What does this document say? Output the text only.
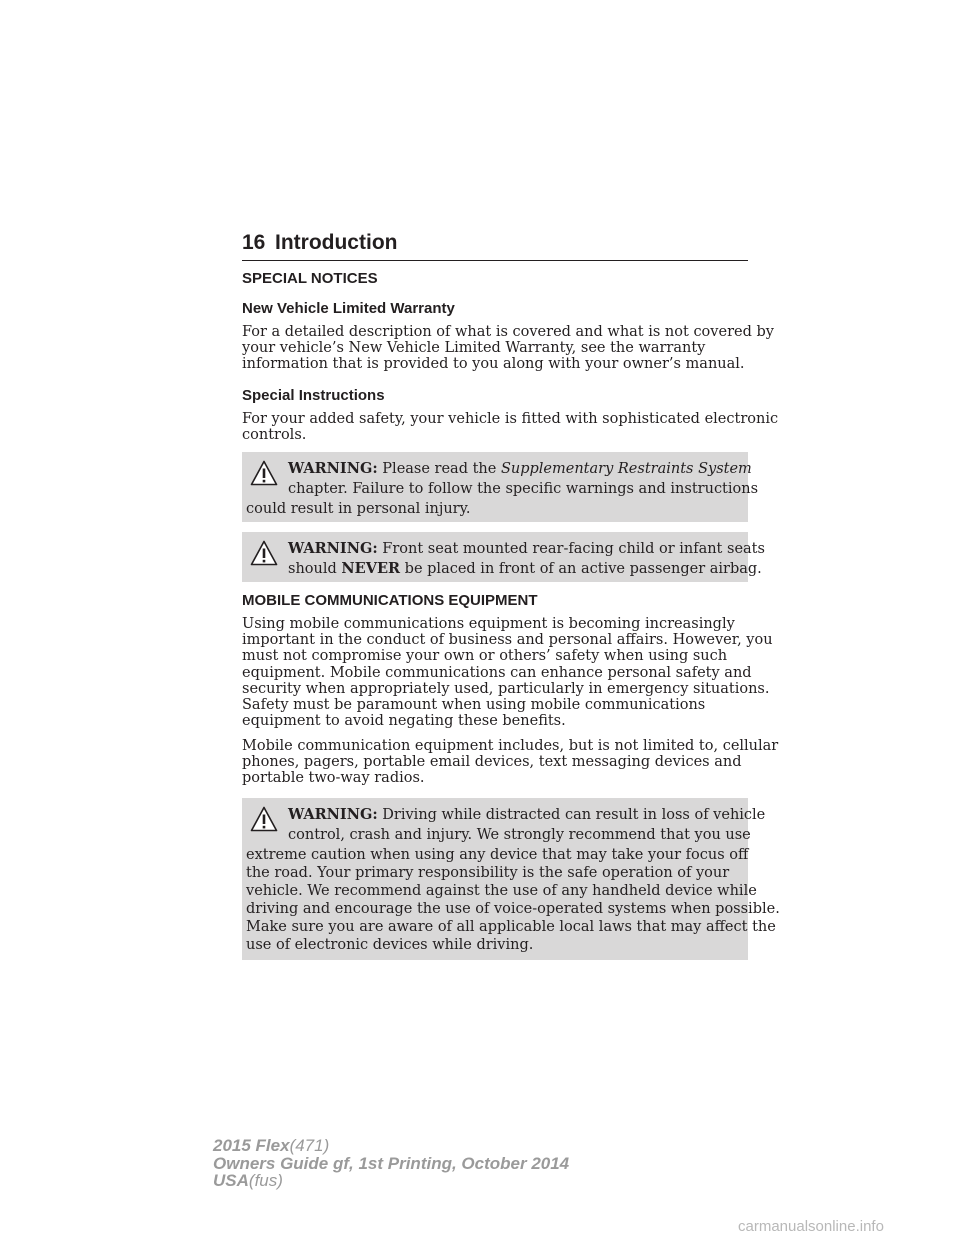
16 Introduction
SPECIAL NOTICES
New Vehicle Limited Warranty
For a detailed description of what is covered and what is not covered by
your vehicle’s New Vehicle Limited Warranty, see the warranty
information that is provided to you along with your owner’s manual.
Special Instructions
For your added safety, your vehicle is fitted with sophisticated electronic
controls.
WARNING: Please read the Supplementary Restraints System
chapter. Failure to follow the specific warnings and instructions
could result in personal injury.
WARNING: Front seat mounted rear-facing child or infant seats
should NEVER be placed in front of an active passenger airbag.
MOBILE COMMUNICATIONS EQUIPMENT
Using mobile communications equipment is becoming increasingly
important in the conduct of business and personal affairs. However, you
must not compromise your own or others’ safety when using such
equipment. Mobile communications can enhance personal safety and
security when appropriately used, particularly in emergency situations.
Safety must be paramount when using mobile communications
equipment to avoid negating these benefits.
Mobile communication equipment includes, but is not limited to, cellular
phones, pagers, portable email devices, text messaging devices and
portable two-way radios.
WARNING: Driving while distracted can result in loss of vehicle
control, crash and injury. We strongly recommend that you use
extreme caution when using any device that may take your focus off
the road. Your primary responsibility is the safe operation of your
vehicle. We recommend against the use of any handheld device while
driving and encourage the use of voice-operated systems when possible.
Make sure you are aware of all applicable local laws that may affect the
use of electronic devices while driving.
2015 Flex(471)
Owners Guide gf, 1st Printing, October 2014
USA(fus)
carmanualsonline.info
